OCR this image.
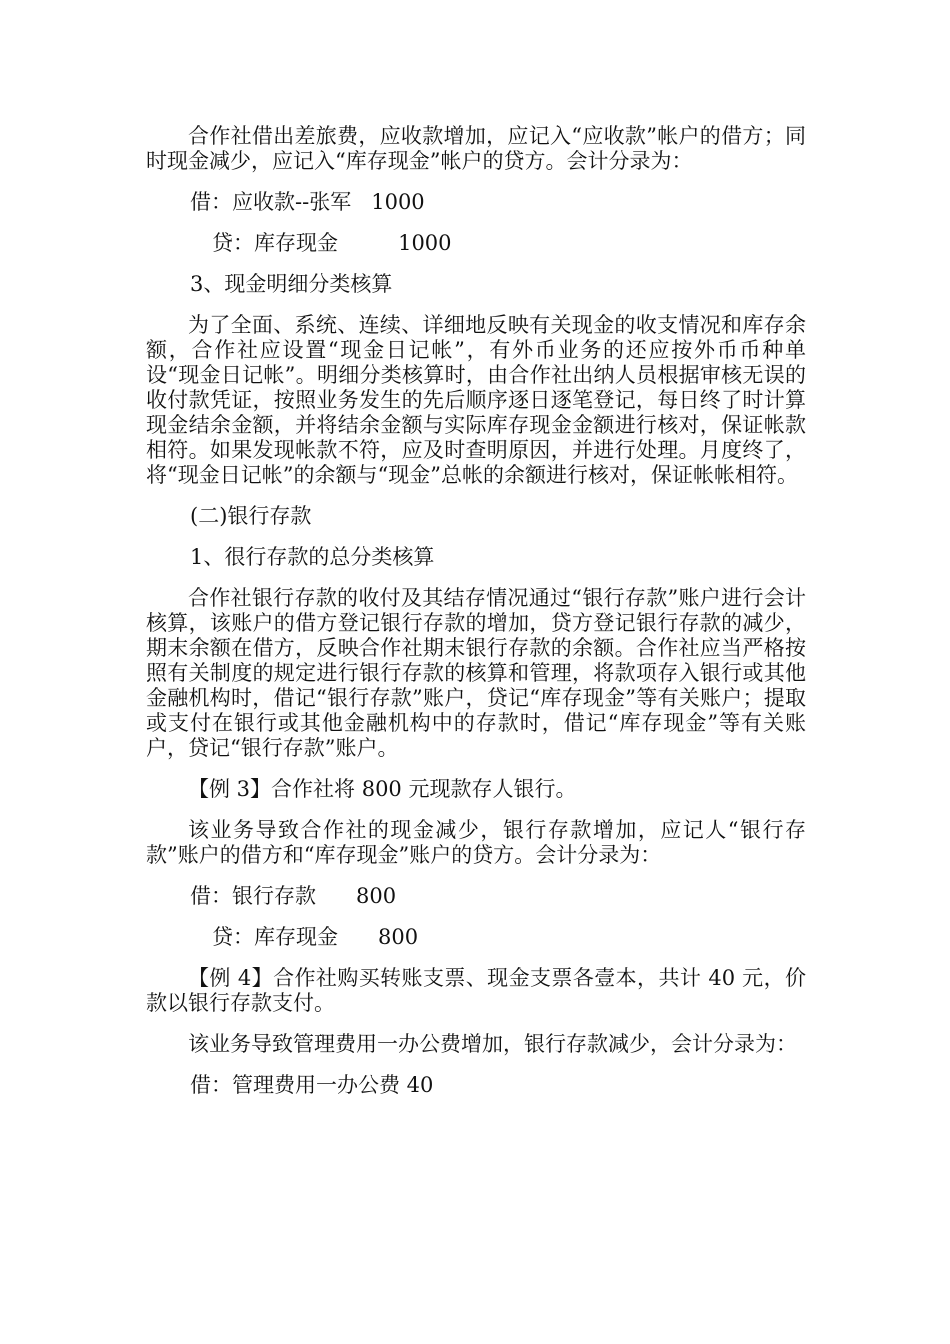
合作社借出差旅费，应收款增加，应记入“应收款”帐户的借方；同时现金减少，应记入“库存现金”帐户的贷方。会计分录为：

借：应收款--张军   1000

贷：库存现金         1000

3、现金明细分类核算

为了全面、系统、连续、详细地反映有关现金的收支情况和库存余额，合作社应设置“现金日记帐”，有外币业务的还应按外币币种单设“现金日记帐”。明细分类核算时，由合作社出纳人员根据审核无误的收付款凭证，按照业务发生的先后顺序逐日逐笔登记，每日终了时计算现金结余金额，并将结余金额与实际库存现金金额进行核对，保证帐款相符。如果发现帐款不符，应及时查明原因，并进行处理。月度终了，将“现金日记帐”的余额与“现金”总帐的余额进行核对，保证帐帐相符。

(二)银行存款

1、很行存款的总分类核算

合作社银行存款的收付及其结存情况通过“银行存款”账户进行会计核算，该账户的借方登记银行存款的增加，贷方登记银行存款的减少，期末余额在借方，反映合作社期末银行存款的余额。合作社应当严格按照有关制度的规定进行银行存款的核算和管理，将款项存入银行或其他金融机构时，借记“银行存款”账户，贷记“库存现金”等有关账户；提取或支付在银行或其他金融机构中的存款时，借记“库存现金”等有关账户，贷记“银行存款”账户。

【例 3】合作社将 800 元现款存人银行。

该业务导致合作社的现金减少，银行存款增加，应记人“银行存款”账户的借方和“库存现金”账户的贷方。会计分录为：

借：银行存款      800

贷：库存现金      800

【例 4】合作社购买转账支票、现金支票各壹本，共计 40 元，价款以银行存款支付。

该业务导致管理费用一办公费增加，银行存款减少，会计分录为：

借：管理费用一办公费 40
